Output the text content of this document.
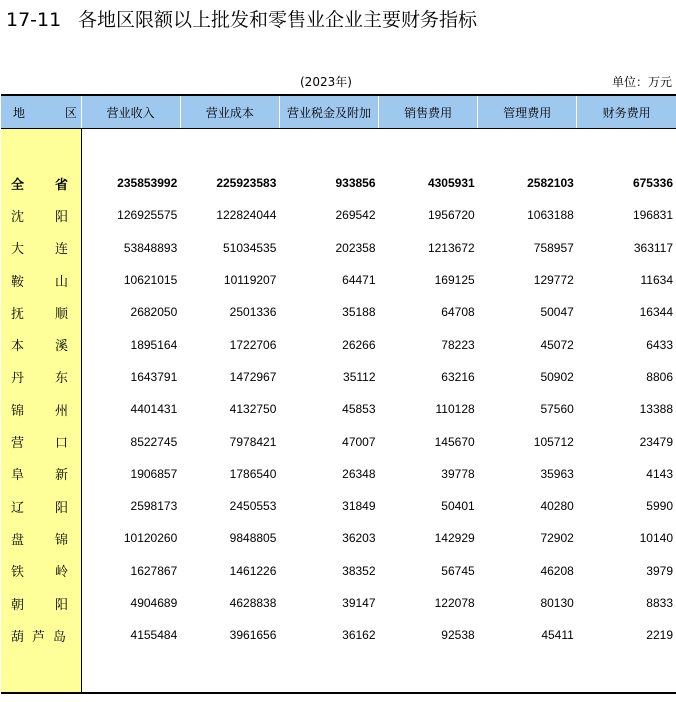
17-11 各地区限额以上批发和零售业企业主要财务指标
(2023年)	单位：万元
地 区	营业收入	营业成本	营业税金及附加	销售费用	管理费用	财务费用

全 省	235853992	225923583	933856	4305931	2582103	675336
沈 阳	126925575	122824044	269542	1956720	1063188	196831
大 连	53848893	51034535	202358	1213672	758957	363117
鞍 山	10621015	10119207	64471	169125	129772	11634
抚 顺	2682050	2501336	35188	64708	50047	16344
本 溪	1895164	1722706	26266	78223	45072	6433
丹 东	1643791	1472967	35112	63216	50902	8806
锦 州	4401431	4132750	45853	110128	57560	13388
营 口	8522745	7978421	47007	145670	105712	23479
阜 新	1906857	1786540	26348	39778	35963	4143
辽 阳	2598173	2450553	31849	50401	40280	5990
盘 锦	10120260	9848805	36203	142929	72902	10140
铁 岭	1627867	1461226	38352	56745	46208	3979
朝 阳	4904689	4628838	39147	122078	80130	8833
葫 芦 岛	4155484	3961656	36162	92538	45411	2219
